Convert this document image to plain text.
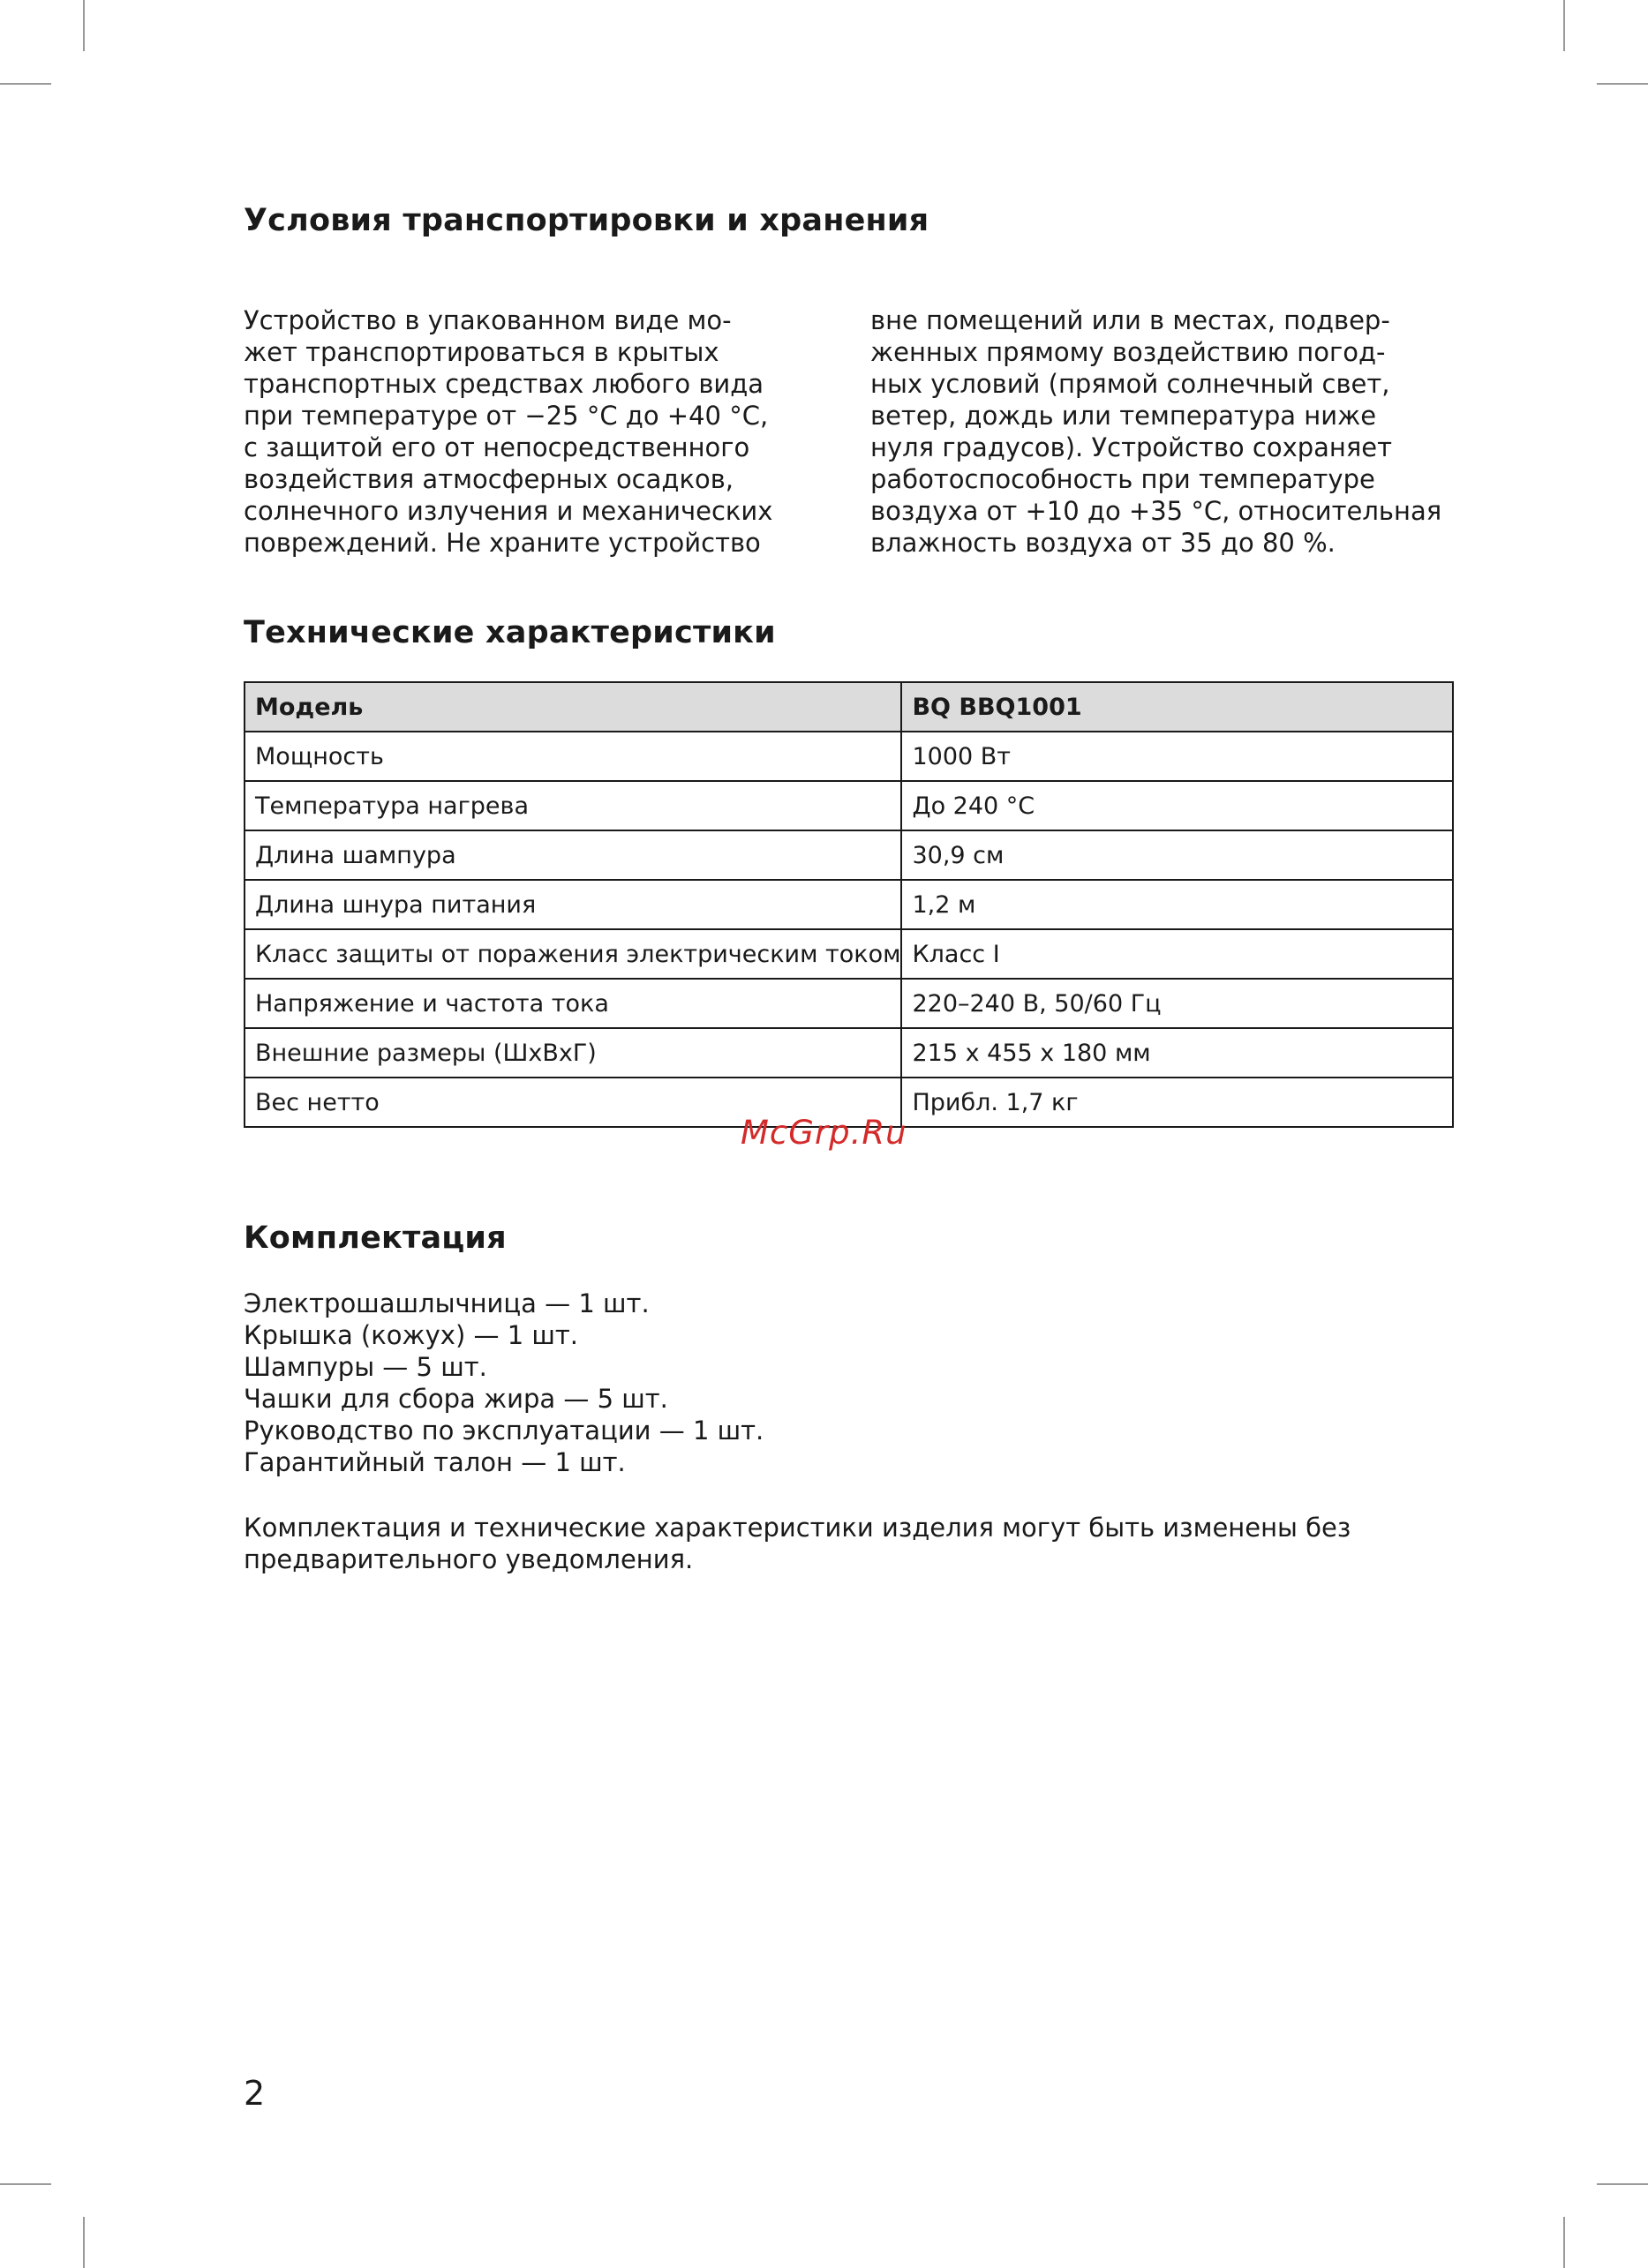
Условия транспортировки и хранения
Устройство в упакованном виде мо-
жет транспортироваться в крытых
транспортных средствах любого вида
при температуре от −25 °C до +40 °C,
с защитой его от непосредственного
воздействия атмосферных осадков,
солнечного излучения и механических
повреждений. Не храните устройство
вне помещений или в местах, подвер-
женных прямому воздействию погод-
ных условий (прямой солнечный свет,
ветер, дождь или температура ниже
нуля градусов). Устройство сохраняет
работоспособность при температуре
воздуха от +10 до +35 °C, относительная
влажность воздуха от 35 до 80 %.
Технические характеристики
Модель	BQ BBQ1001
Мощность	1000 Вт
Температура нагрева	До 240 °C
Длина шампура	30,9 см
Длина шнура питания	1,2 м
Класс защиты от поражения электрическим током	Класс I
Напряжение и частота тока	220–240 В, 50/60 Гц
Внешние размеры (ШхВхГ)	215 х 455 х 180 мм
Вес нетто	Прибл. 1,7 кг
Комплектация
Электрошашлычница — 1 шт.
Крышка (кожух) — 1 шт.
Шампуры — 5 шт.
Чашки для сбора жира — 5 шт.
Руководство по эксплуатации — 1 шт.
Гарантийный талон — 1 шт.
Комплектация и технические характеристики изделия могут быть изменены без предварительного уведомления.
2
McGrp.Ru
